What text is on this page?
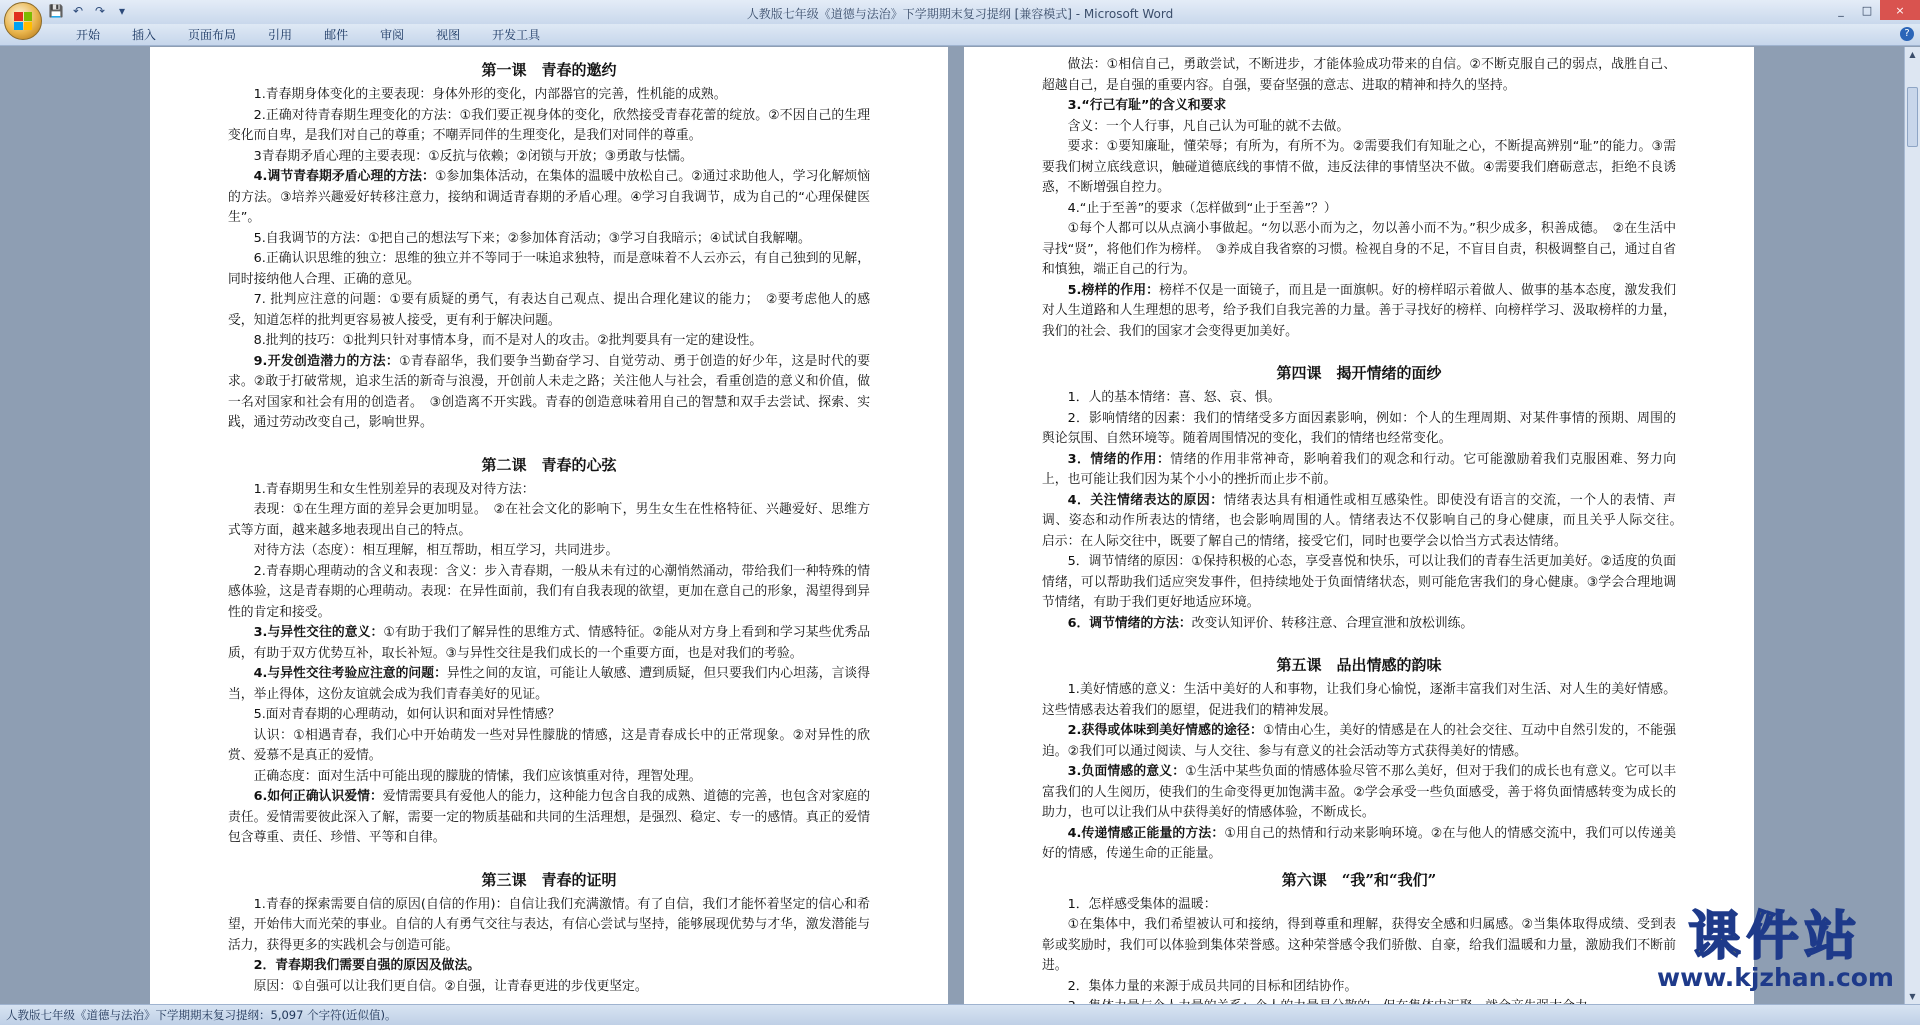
💾 ↶ ↷	▾	人教版七年级《道德与法治》下学期期末复习提纲 [兼容模式] - Microsoft Word	_	□	×
开始	插入	页面布局	引用	邮件	审阅	视图	开发工具	?
第一课　青春的邀约

1.青春期身体变化的主要表现：身体外形的变化，内部器官的完善，性机能的成熟。

2.正确对待青春期生理变化的方法：①我们要正视身体的变化，欣然接受青春花蕾的绽放。②不因自己的生理变化而自卑，是我们对自己的尊重；不嘲弄同伴的生理变化，是我们对同伴的尊重。

3青春期矛盾心理的主要表现：①反抗与依赖；②闭锁与开放；③勇敢与怯懦。

4.调节青春期矛盾心理的方法：①参加集体活动，在集体的温暖中放松自己。②通过求助他人，学习化解烦恼的方法。③培养兴趣爱好转移注意力，接纳和调适青春期的矛盾心理。④学习自我调节，成为自己的“心理保健医生”。

5.自我调节的方法：①把自己的想法写下来；②参加体育活动；③学习自我暗示；④试试自我解嘲。

6.正确认识思维的独立：思维的独立并不等同于一味追求独特，而是意味着不人云亦云，有自己独到的见解，同时接纳他人合理、正确的意见。

7. 批判应注意的问题：①要有质疑的勇气，有表达自己观点、提出合理化建议的能力；　②要考虑他人的感受，知道怎样的批判更容易被人接受，更有利于解决问题。

8.批判的技巧：①批判只针对事情本身，而不是对人的攻击。②批判要具有一定的建设性。

9.开发创造潜力的方法：①青春韶华，我们要争当勤奋学习、自觉劳动、勇于创造的好少年，这是时代的要求。②敢于打破常规，追求生活的新奇与浪漫，开创前人未走之路；关注他人与社会，看重创造的意义和价值，做一名对国家和社会有用的创造者。　③创造离不开实践。青春的创造意味着用自己的智慧和双手去尝试、探索、实践，通过劳动改变自己，影响世界。

第二课　青春的心弦

1.青春期男生和女生性别差异的表现及对待方法：

表现：①在生理方面的差异会更加明显。　②在社会文化的影响下，男生女生在性格特征、兴趣爱好、思维方式等方面，越来越多地表现出自己的特点。

对待方法（态度）：相互理解，相互帮助，相互学习，共同进步。

2.青春期心理萌动的含义和表现：含义：步入青春期，一般从未有过的心潮悄然涌动，带给我们一种特殊的情感体验，这是青春期的心理萌动。表现：在异性面前，我们有自我表现的欲望，更加在意自己的形象，渴望得到异性的肯定和接受。

3.与异性交往的意义：①有助于我们了解异性的思维方式、情感特征。②能从对方身上看到和学习某些优秀品质，有助于双方优势互补，取长补短。③与异性交往是我们成长的一个重要方面，也是对我们的考验。

4.与异性交往考验应注意的问题：异性之间的友谊，可能让人敏感、遭到质疑，但只要我们内心坦荡，言谈得当，举止得体，这份友谊就会成为我们青春美好的见证。

5.面对青春期的心理萌动，如何认识和面对异性情感？

认识：①相遇青春，我们心中开始萌发一些对异性朦胧的情感，这是青春成长中的正常现象。②对异性的欣赏、爱慕不是真正的爱情。

正确态度：面对生活中可能出现的朦胧的情愫，我们应该慎重对待，理智处理。

6.如何正确认识爱情：爱情需要具有爱他人的能力，这种能力包含自我的成熟、道德的完善，也包含对家庭的责任。爱情需要彼此深入了解，需要一定的物质基础和共同的生活理想，是强烈、稳定、专一的感情。真正的爱情包含尊重、责任、珍惜、平等和自律。

第三课　青春的证明

1.青春的探索需要自信的原因(自信的作用)：自信让我们充满激情。有了自信，我们才能怀着坚定的信心和希望，开始伟大而光荣的事业。自信的人有勇气交往与表达，有信心尝试与坚持，能够展现优势与才华，激发潜能与活力，获得更多的实践机会与创造可能。

2．青春期我们需要自强的原因及做法。

原因：①自强可以让我们更自信。②自强，让青春更进的步伐更坚定。

做法：①相信自己，勇敢尝试，不断进步，才能体验成功带来的自信。②不断克服自己的弱点，战胜自己、超越自己，是自强的重要内容。自强，要奋坚强的意志、进取的精神和持久的坚持。

3.“行己有耻”的含义和要求

含义：一个人行事，凡自己认为可耻的就不去做。

要求：①要知廉耻，懂荣辱；有所为，有所不为。②需要我们有知耻之心，不断提高辨别“耻”的能力。③需要我们树立底线意识，触碰道德底线的事情不做，违反法律的事情坚决不做。④需要我们磨砺意志，拒绝不良诱惑，不断增强自控力。

4.“止于至善”的要求（怎样做到“止于至善”？）

①每个人都可以从点滴小事做起。“勿以恶小而为之，勿以善小而不为。”积少成多，积善成德。　②在生活中寻找“贤”，将他们作为榜样。　③养成自我省察的习惯。检视自身的不足，不盲目自责，积极调整自己，通过自省和慎独，端正自己的行为。

5.榜样的作用：榜样不仅是一面镜子，而且是一面旗帜。好的榜样昭示着做人、做事的基本态度，激发我们对人生道路和人生理想的思考，给予我们自我完善的力量。善于寻找好的榜样、向榜样学习、汲取榜样的力量，我们的社会、我们的国家才会变得更加美好。

第四课　揭开情绪的面纱

1．人的基本情绪：喜、怒、哀、惧。

2．影响情绪的因素：我们的情绪受多方面因素影响，例如：个人的生理周期、对某件事情的预期、周围的舆论氛围、自然环境等。随着周围情况的变化，我们的情绪也经常变化。

3．情绪的作用：情绪的作用非常神奇，影响着我们的观念和行动。它可能激励着我们克服困难、努力向上，也可能让我们因为某个小小的挫折而止步不前。

4．关注情绪表达的原因：情绪表达具有相通性或相互感染性。即使没有语言的交流，一个人的表情、声调、姿态和动作所表达的情绪，也会影响周围的人。情绪表达不仅影响自己的身心健康，而且关乎人际交往。　　启示：在人际交往中，既要了解自己的情绪，接受它们，同时也要学会以恰当方式表达情绪。

5．调节情绪的原因：①保持积极的心态，享受喜悦和快乐，可以让我们的青春生活更加美好。②适度的负面情绪，可以帮助我们适应突发事件，但持续地处于负面情绪状态，则可能危害我们的身心健康。③学会合理地调节情绪，有助于我们更好地适应环境。

6．调节情绪的方法：改变认知评价、转移注意、合理宣泄和放松训练。

第五课　品出情感的韵味

1.美好情感的意义：生活中美好的人和事物，让我们身心愉悦，逐渐丰富我们对生活、对人生的美好情感。这些情感表达着我们的愿望，促进我们的精神发展。

2.获得或体味到美好情感的途径：①情由心生，美好的情感是在人的社会交往、互动中自然引发的，不能强迫。②我们可以通过阅读、与人交往、参与有意义的社会活动等方式获得美好的情感。

3.负面情感的意义：①生活中某些负面的情感体验尽管不那么美好，但对于我们的成长也有意义。它可以丰富我们的人生阅历，使我们的生命变得更加饱满丰盈。②学会承受一些负面感受，善于将负面情感转变为成长的助力，也可以让我们从中获得美好的情感体验，不断成长。

4.传递情感正能量的方法：①用自己的热情和行动来影响环境。②在与他人的情感交流中，我们可以传递美好的情感，传递生命的正能量。

第六课　“我”和“我们”

1．怎样感受集体的温暖：

①在集体中，我们希望被认可和接纳，得到尊重和理解，获得安全感和归属感。②当集体取得成绩、受到表彰或奖励时，我们可以体验到集体荣誉感。这种荣誉感令我们骄傲、自豪，给我们温暖和力量，激励我们不断前进。

2．集体力量的来源于成员共同的目标和团结协作。

▲
▼
课件站
www.kjzhan.com
人教版七年级《道德与法治》下学期期末复习提纲：5,097 个字符(近似值)。
